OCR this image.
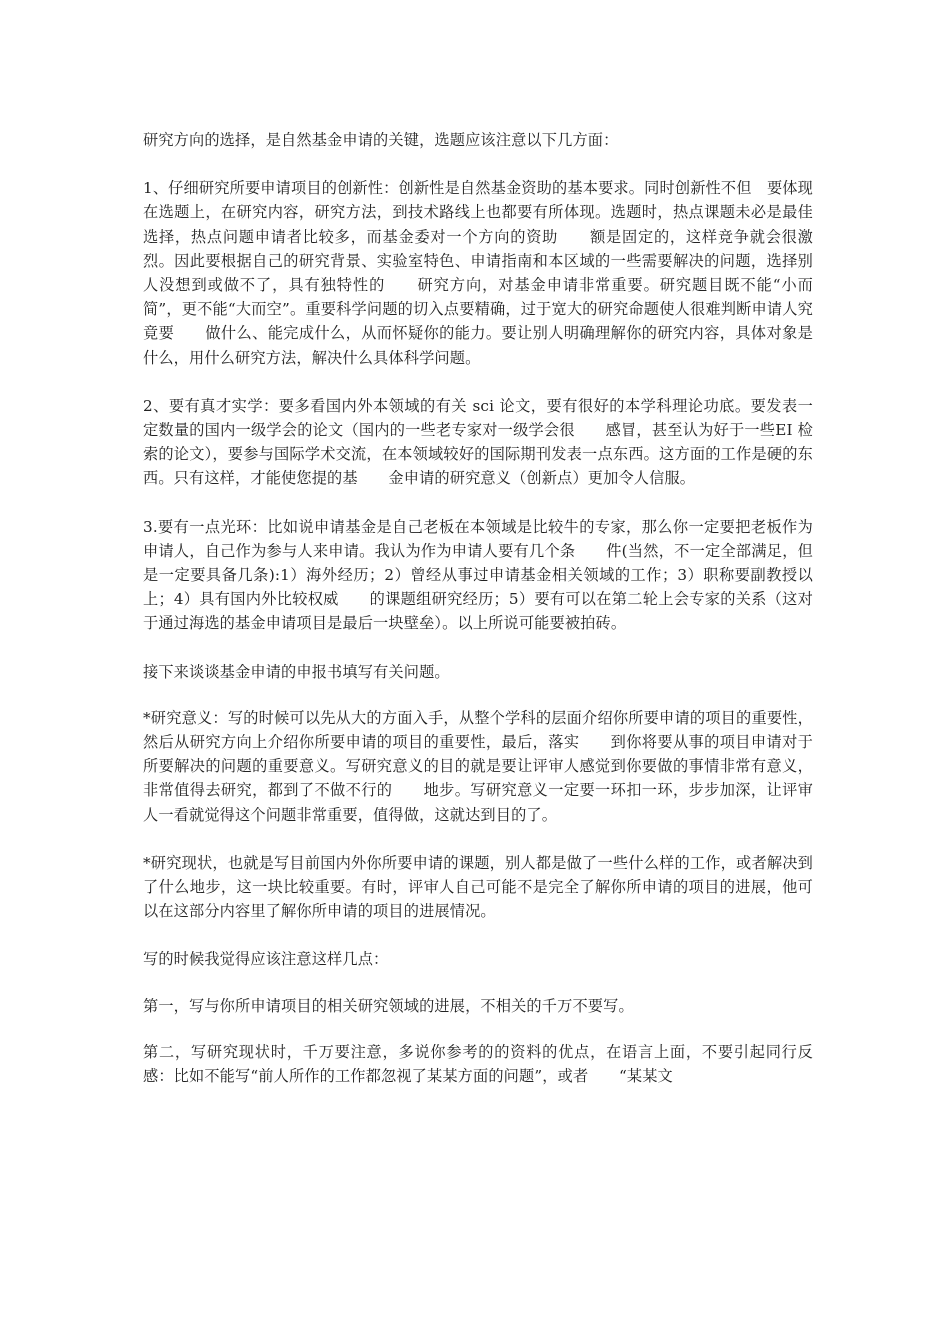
研究方向的选择，是自然基金申请的关键，选题应该注意以下几方面：

1、仔细研究所要申请项目的创新性：创新性是自然基金资助的基本要求。同时创新性不但　要体现在选题上，在研究内容，研究方法，到技术路线上也都要有所体现。选题时，热点课题未必是最佳选择，热点问题申请者比较多，而基金委对一个方向的资助　　额是固定的，这样竞争就会很激烈。因此要根据自己的研究背景、实验室特色、申请指南和本区域的一些需要解决的问题，选择别人没想到或做不了，具有独特性的　　研究方向，对基金申请非常重要。研究题目既不能“小而简”，更不能“大而空”。重要科学问题的切入点要精确，过于宽大的研究命题使人很难判断申请人究竟要　　做什么、能完成什么，从而怀疑你的能力。要让别人明确理解你的研究内容，具体对象是什么，用什么研究方法，解决什么具体科学问题。

2、要有真才实学：要多看国内外本领域的有关 sci 论文，要有很好的本学科理论功底。要发表一定数量的国内一级学会的论文（国内的一些老专家对一级学会很　　感冒，甚至认为好于一些EI 检索的论文），要参与国际学术交流，在本领域较好的国际期刊发表一点东西。这方面的工作是硬的东西。只有这样，才能使您提的基　　金申请的研究意义（创新点）更加令人信服。

3.要有一点光环：比如说申请基金是自己老板在本领域是比较牛的专家，那么你一定要把老板作为申请人，自己作为参与人来申请。我认为作为申请人要有几个条　　件(当然，不一定全部满足，但是一定要具备几条):1）海外经历；2）曾经从事过申请基金相关领域的工作；3）职称要副教授以上；4）具有国内外比较权威　　的课题组研究经历；5）要有可以在第二轮上会专家的关系（这对于通过海选的基金申请项目是最后一块壁垒）。以上所说可能要被拍砖。

接下来谈谈基金申请的申报书填写有关问题。

*研究意义：写的时候可以先从大的方面入手，从整个学科的层面介绍你所要申请的项目的重要性，然后从研究方向上介绍你所要申请的项目的重要性，最后，落实　　到你将要从事的项目申请对于所要解决的问题的重要意义。写研究意义的目的就是要让评审人感觉到你要做的事情非常有意义，非常值得去研究，都到了不做不行的　　地步。写研究意义一定要一环扣一环，步步加深，让评审人一看就觉得这个问题非常重要，值得做，这就达到目的了。

*研究现状，也就是写目前国内外你所要申请的课题，别人都是做了一些什么样的工作，或者解决到了什么地步，这一块比较重要。有时，评审人自己可能不是完全了解你所申请的项目的进展，他可以在这部分内容里了解你所申请的项目的进展情况。

写的时候我觉得应该注意这样几点：

第一，写与你所申请项目的相关研究领域的进展，不相关的千万不要写。

第二，写研究现状时，千万要注意，多说你参考的的资料的优点，在语言上面，不要引起同行反感：比如不能写“前人所作的工作都忽视了某某方面的问题”，或者　　“某某文
